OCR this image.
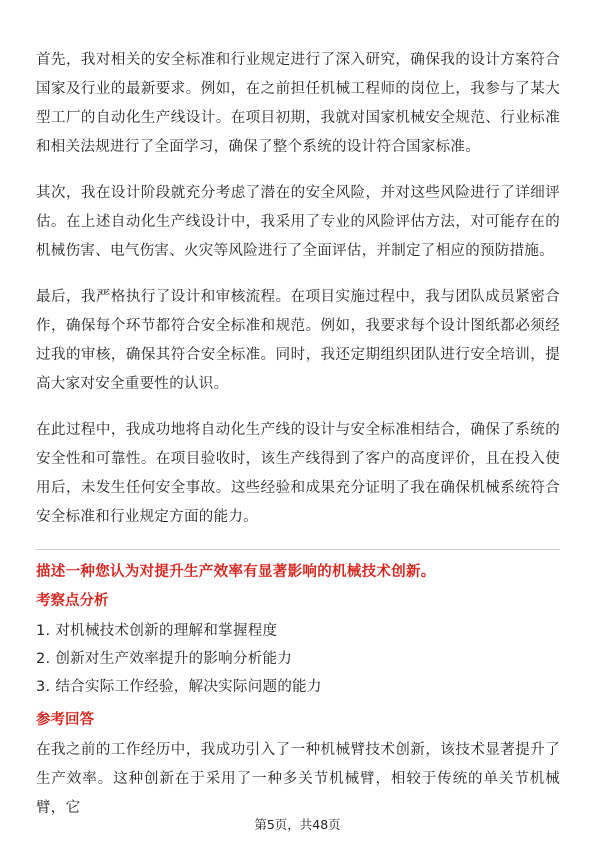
首先，我对相关的安全标准和行业规定进行了深入研究，确保我的设计方案符合国家及行业的最新要求。例如，在之前担任机械工程师的岗位上，我参与了某大型工厂的自动化生产线设计。在项目初期，我就对国家机械安全规范、行业标准和相关法规进行了全面学习，确保了整个系统的设计符合国家标准。

其次，我在设计阶段就充分考虑了潜在的安全风险，并对这些风险进行了详细评估。在上述自动化生产线设计中，我采用了专业的风险评估方法，对可能存在的机械伤害、电气伤害、火灾等风险进行了全面评估，并制定了相应的预防措施。

最后，我严格执行了设计和审核流程。在项目实施过程中，我与团队成员紧密合作，确保每个环节都符合安全标准和规范。例如，我要求每个设计图纸都必须经过我的审核，确保其符合安全标准。同时，我还定期组织团队进行安全培训，提高大家对安全重要性的认识。

在此过程中，我成功地将自动化生产线的设计与安全标准相结合，确保了系统的安全性和可靠性。在项目验收时，该生产线得到了客户的高度评价，且在投入使用后，未发生任何安全事故。这些经验和成果充分证明了我在确保机械系统符合安全标准和行业规定方面的能力。

描述一种您认为对提升生产效率有显著影响的机械技术创新。
考察点分析
1. 对机械技术创新的理解和掌握程度
2. 创新对生产效率提升的影响分析能力
3. 结合实际工作经验，解决实际问题的能力
参考回答

在我之前的工作经历中，我成功引入了一种机械臂技术创新，该技术显著提升了生产效率。这种创新在于采用了一种多关节机械臂，相较于传统的单关节机械臂，它

第5页，共48页
